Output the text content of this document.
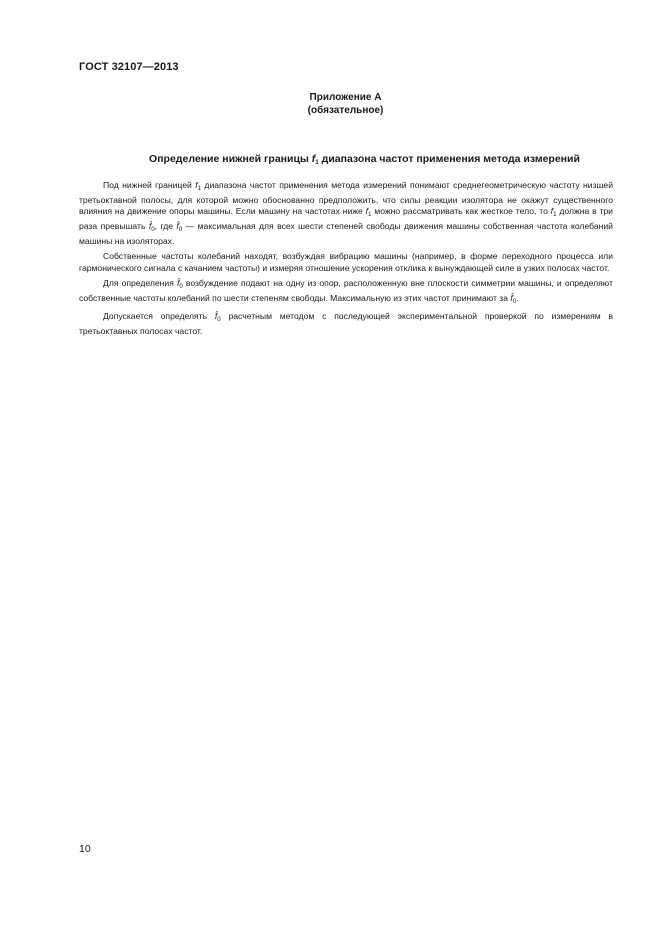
ГОСТ 32107—2013
Приложение А
(обязательное)
Определение нижней границы $f_1$ диапазона частот применения метода измерений

Под нижней границей $f_1$ диапазона частот применения метода измерений понимают среднегеометрическую частоту низшей третьоктавной полосы, для которой можно обоснованно предположить, что силы реакции изолятора не окажут существенного влияния на движение опоры машины. Если машину на частотах ниже $f_1$ можно рассматривать как жесткое тело, то $f_1$ должна в три раза превышать $f̂_0$, где $f̂_0$ — максимальная для всех шести степеней свободы движения машины собственная частота колебаний машины на изоляторах.

Собственные частоты колебаний находят, возбуждая вибрацию машины (например, в форме переходного процесса или гармонического сигнала с качанием частоты) и измеряя отношение ускорения отклика к вынуждающей силе в узких полосах частот.

Для определения $f̂_0$ возбуждение подают на одну из опор, расположенную вне плоскости симметрии машины, и определяют собственные частоты колебаний по шести степеням свободы. Максимальную из этих частот принимают за $f̂_0$.

Допускается определять $f̂_0$ расчетным методом с последующей экспериментальной проверкой по измерениям в третьоктавных полосах частот.

10
